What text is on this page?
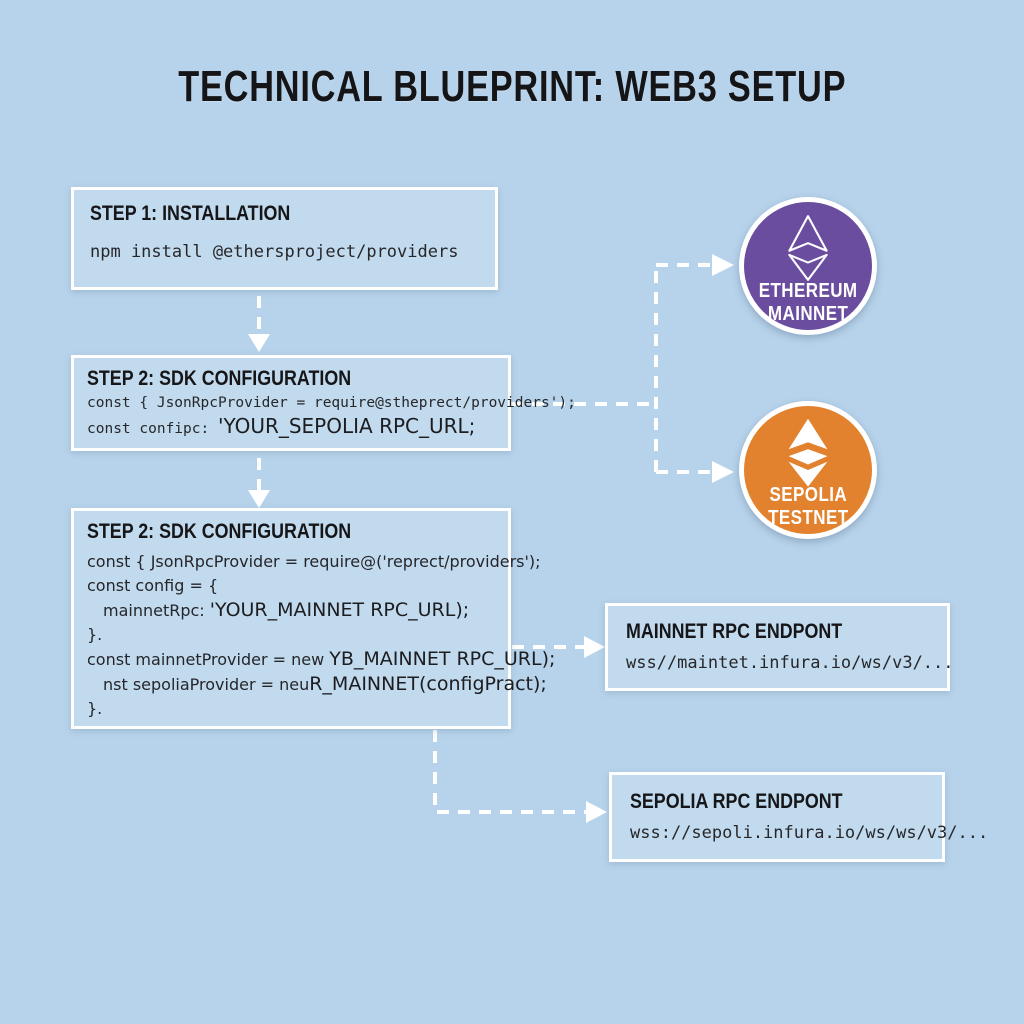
TECHNICAL BLUEPRINT: WEB3 SETUP
STEP 1: INSTALLATION
npm install @ethersproject/providers
STEP 2: SDK CONFIGURATION
const { JsonRpcProvider = require@stheprect/providers');
const confipc: 'YOUR_SEPOLIA RPC_URL;
STEP 2: SDK CONFIGURATION
const { JsonRpcProvider = require@('reprect/providers');
const config = {
mainnetRpc: 'YOUR_MAINNET RPC_URL);
}.
const mainnetProvider = new YB_MAINNET RPC_URL);
nst sepoliaProvider = neuR_MAINNET(configPract);
}.
ETHEREUM
MAINNET
SEPOLIA
TESTNET
MAINNET RPC ENDPONT
wss//maintet.infura.io/ws/v3/...
SEPOLIA RPC ENDPONT
wss://sepoli.infura.io/ws/ws/v3/...
